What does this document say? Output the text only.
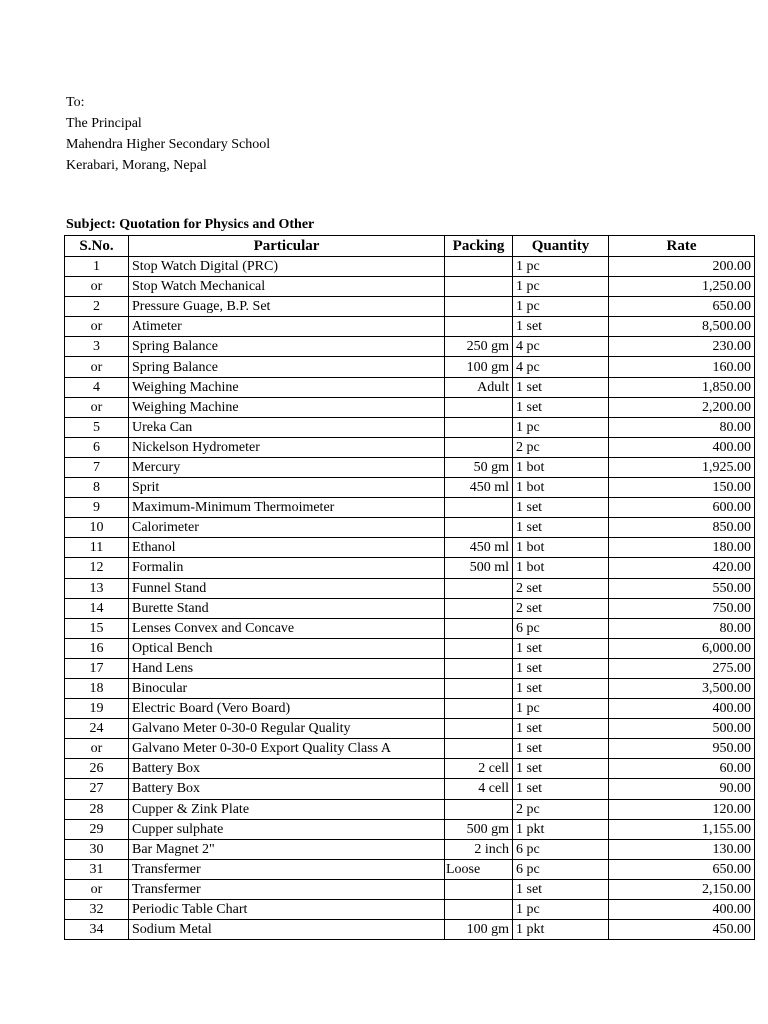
To:
The Principal
Mahendra Higher Secondary School
Kerabari, Morang, Nepal
Subject: Quotation for Physics and Other
S.No.	Particular	Packing	Quantity	Rate
1	Stop Watch Digital (PRC)		1 pc	200.00
or	Stop Watch Mechanical		1 pc	1,250.00
2	Pressure Guage, B.P. Set		1 pc	650.00
or	Atimeter		1 set	8,500.00
3	Spring Balance	250 gm	4 pc	230.00
or	Spring Balance	100 gm	4 pc	160.00
4	Weighing Machine	Adult	1 set	1,850.00
or	Weighing Machine		1 set	2,200.00
5	Ureka Can		1 pc	80.00
6	Nickelson Hydrometer		2 pc	400.00
7	Mercury	50 gm	1 bot	1,925.00
8	Sprit	450 ml	1 bot	150.00
9	Maximum-Minimum Thermoimeter		1 set	600.00
10	Calorimeter		1 set	850.00
11	Ethanol	450 ml	1 bot	180.00
12	Formalin	500 ml	1 bot	420.00
13	Funnel Stand		2 set	550.00
14	Burette Stand		2 set	750.00
15	Lenses Convex and Concave		6 pc	80.00
16	Optical Bench		1 set	6,000.00
17	Hand Lens		1 set	275.00
18	Binocular		1 set	3,500.00
19	Electric Board (Vero Board)		1 pc	400.00
24	Galvano Meter 0-30-0 Regular Quality		1 set	500.00
or	Galvano Meter 0-30-0 Export Quality Class A		1 set	950.00
26	Battery Box	2 cell	1 set	60.00
27	Battery Box	4 cell	1 set	90.00
28	Cupper & Zink Plate		2 pc	120.00
29	Cupper sulphate	500 gm	1 pkt	1,155.00
30	Bar Magnet 2"	2 inch	6 pc	130.00
31	Transfermer	Loose	6 pc	650.00
or	Transfermer		1 set	2,150.00
32	Periodic Table Chart		1 pc	400.00
34	Sodium Metal	100 gm	1 pkt	450.00
